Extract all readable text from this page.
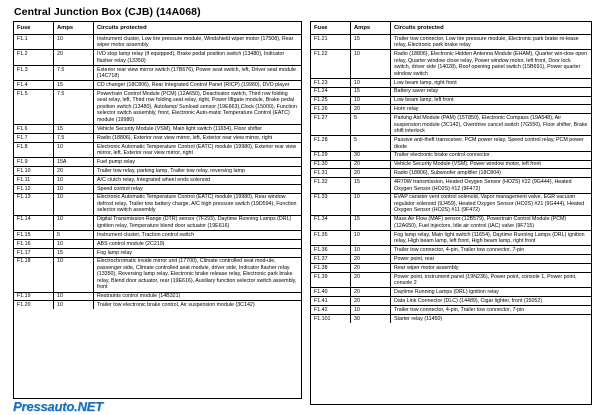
Central Junction Box (CJB) (14A068)
Fuse	Amps	Circuits protected
F1.1	10	Instrument cluster, Low tire pressure module, Windshield wiper motor (17508), Rear wiper motor assembly
F1.2	20	IVD stop lamp relay (if equipped), Brake pedal position switch (13480), Indicator flasher relay (13350)
F1.3	7.5	Exterior rear view mirror switch (17B676), Power seat switch, left, Driver seat module (14C718)
F1.4	15	CD changer (18C806), Rear Integrated Control Panel (RICP) (19980), DVD player
F1.5	7.5	Powertrain Control Module (PCM) (12A650), Deactivator switch, Third row folding seat relay, left, Third row folding seat relay, right, Power liftgate module, Brake pedal position switch (13480), Autolamp/ Sunload sensor (19E663),Clock (15000), Function selector switch assembly, front, Electronic Auto-matic Temperature Control (EATC) module (19980)
F1.6	15	Vehicle Security Module (VSM), Main light switch (11654), Floor shifter
F1.7	7.5	Radio (18806), Exterior rear view mirror, left, Exterior rear view mirror, right
F1.8	10	Electronic Automatic Temperature Control (EATC) module (19980), Exterior rear view mirror, left, Exterior rear view mirror, right
F1.9	15A	Fuel pump relay
F1.10	20	Trailer tow relay, parking lamp, Trailer tow relay, reversing lamp
F1.11	10	A/C clutch relay, Integrated wheel ends solenoid
F1.12	10	Speed control relay
F1.13	10	Electronic Automatic Temperature Control (EATC) module (19980), Rear window defrost relay, Trailer tow battery charge, A/C high pressure switch (19D594), Function selector switch assembly
F1.14	10	Digital Transmission Range (DTR) sensor (7F293), Daytime Running Lamps (DRL) ignition relay, Temperature blend door actuator (19E616)
F1.15	5	Instrument cluster, Traction control switch
F1.16	10	ABS control module (2C219)
F1.17	15	Fog lamp relay
F1.18	10	Electrochromatic inside mirror unit (17700), Climate controlled seat mod-ule, passenger side, Climate controlled seat module, driver side, Indicator flasher relay (13350), Reversing lamp relay, Electronic brake release relay, Electronic park brake relay, Blend door actuator, rear (19E616), Auxiliary function selector switch assembly, front
F1.19	10	Restraints control module (14B321)
F1.20	10	Trailer tow electronic brake control, Air suspension module (3C142)
Fuse	Amps	Circuits protected
F1.21	15	Trailer tow connector, Low tire pressure module, Electronic park brake re-lease relay, Electronic park brake relay
F1.22	10	Radio (18806), Electronic Hidden Antenna Module (EHAM), Quarter win-dow open relay, Quarter window close relay, Power window motor, left front, Door lock switch, driver side (14028), Roof opening panel switch (15B691), Power quarter window switch
F1.23	10	Low beam lamp, right front
F1.24	15	Battery saver relay
F1.25	10	Low beam lamp, left front
F1.26	20	Horn relay
F1.27	5	Parking Aid Module (PAM) (15T850), Electronic Compass (19A548), Air suspension module (3C142), Overdrive cancel switch (7G550), Floor shifter, Brake shift interlock
F1.28	5	Passive anti-theft transceiver, PCM power relay, Speed control relay, PCM power diode
F1.29	30	Trailer electronic brake control connector
F1.30	20	Vehicle Security Module (VSM), Power window motor, left front
F1.31	20	Radio (18806), Subwoofer amplifier (18C804)
F1.32	15	4R70W transmission, Heated Oxygen Sensor (HO2S) #22 (9G444), Heated Oxygen Sensor (HO2S) #12 (9F472)
F1.33	10	EVAP canister vent control solenoid, Vapor management valve, EGR vacuum regulator solenoid (9J459), Heated Oxygen Sensor (HO2S) #21 (9G444), Heated Oxygen Sensor (HO2S) #11 (9F472)
F1.34	15	Mass Air Flow (MAF) sensor (12B579), Powertrain Control Module (PCM) (12A650), Fuel injectors, Idle air control (IAC) valve (9F715)
F1.35	10	Fog lamp relay, Main light switch (11654), Daytime Running Lamps (DRL) ignition relay, High beam lamp, left front, High beam lamp, right front
F1.36	10	Trailer tow connector, 4-pin, Trailer tow connector, 7-pin
F1.37	20	Power point, rear
F1.38	20	Rear wiper motor assembly
F1.39	20	Power point, instrument panel (19N236), Power point, console 1, Power point, console 2
F1.40	20	Daytime Running Lamps (DRL) ignition relay
F1.41	20	Data Link Connector (DLC) (14489), Cigar lighter, front (15052)
F1.42	10	Trailer tow connector, 4-pin, Trailer tow connector, 7-pin
F1.101	30	Starter relay (11450)
Pressauto.NET
